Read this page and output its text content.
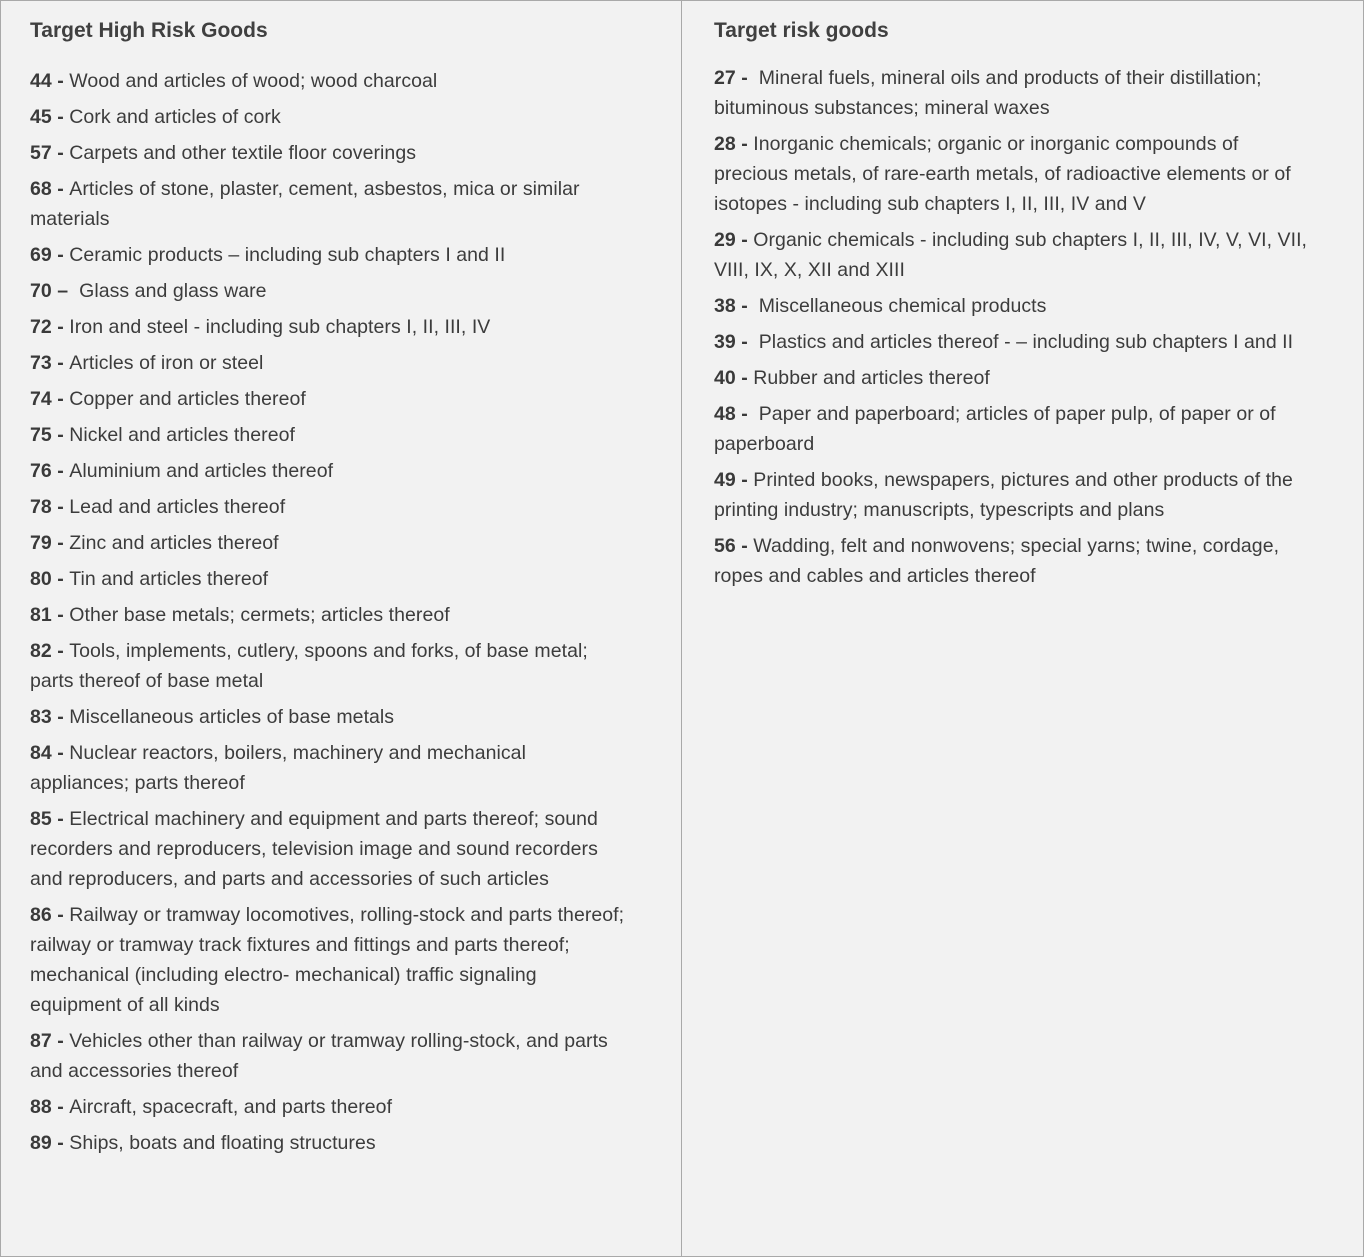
Target High Risk Goods
44 - Wood and articles of wood; wood charcoal
45 - Cork and articles of cork
57 - Carpets and other textile floor coverings
68 - Articles of stone, plaster, cement, asbestos, mica or similar materials
69 - Ceramic products – including sub chapters I and II
70 –  Glass and glass ware
72 - Iron and steel - including sub chapters I, II, III, IV
73 - Articles of iron or steel
74 - Copper and articles thereof
75 - Nickel and articles thereof
76 - Aluminium and articles thereof
78 - Lead and articles thereof
79 - Zinc and articles thereof
80 - Tin and articles thereof
81 - Other base metals; cermets; articles thereof
82 - Tools, implements, cutlery, spoons and forks, of base metal; parts thereof of base metal
83 - Miscellaneous articles of base metals
84 - Nuclear reactors, boilers, machinery and mechanical appliances; parts thereof
85 - Electrical machinery and equipment and parts thereof; sound recorders and reproducers, television image and sound recorders and reproducers, and parts and accessories of such articles
86 - Railway or tramway locomotives, rolling-stock and parts thereof; railway or tramway track fixtures and fittings and parts thereof; mechanical (including electro- mechanical) traffic signaling equipment of all kinds
87 - Vehicles other than railway or tramway rolling-stock, and parts and accessories thereof
88 - Aircraft, spacecraft, and parts thereof
89 - Ships, boats and floating structures
Target risk goods
27 -  Mineral fuels, mineral oils and products of their distillation; bituminous substances; mineral waxes
28 - Inorganic chemicals; organic or inorganic compounds of precious metals, of rare-earth metals, of radioactive elements or of isotopes - including sub chapters I, II, III, IV and V
29 - Organic chemicals - including sub chapters I, II, III, IV, V, VI, VII, VIII, IX, X, XII and XIII
38 -  Miscellaneous chemical products
39 -  Plastics and articles thereof - – including sub chapters I and II
40 - Rubber and articles thereof
48 -  Paper and paperboard; articles of paper pulp, of paper or of paperboard
49 - Printed books, newspapers, pictures and other products of the printing industry; manuscripts, typescripts and plans
56 - Wadding, felt and nonwovens; special yarns; twine, cordage, ropes and cables and articles thereof
